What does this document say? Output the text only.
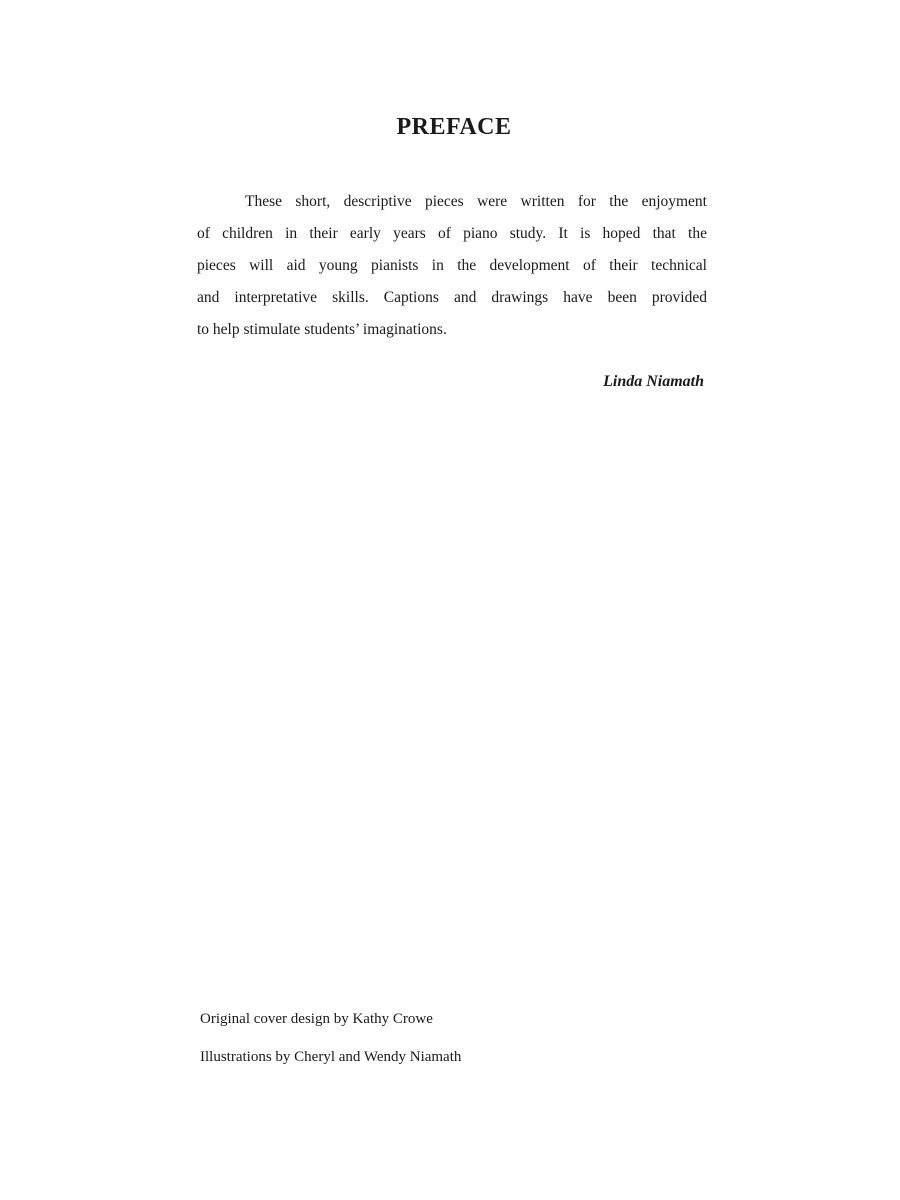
PREFACE
These short, descriptive pieces were written for the enjoyment
of children in their early years of piano study. It is hoped that the
pieces will aid young pianists in the development of their technical
and interpretative skills. Captions and drawings have been provided
to help stimulate students’ imaginations.
Linda Niamath
Original cover design by Kathy Crowe
Illustrations by Cheryl and Wendy Niamath
